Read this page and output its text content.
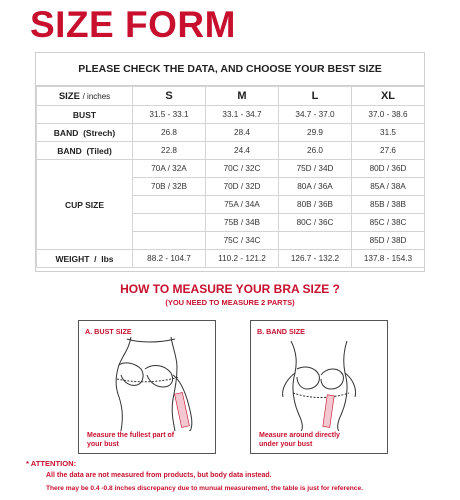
SIZE FORM
PLEASE CHECK THE DATA, AND CHOOSE YOUR BEST SIZE
SIZE / inches	S	M	L	XL
BUST	31.5 - 33.1	33.1 - 34.7	34.7 - 37.0	37.0 - 38.6
BAND  (Strech)	26.8	28.4	29.9	31.5
BAND  (Tiled)	22.8	24.4	26.0	27.6
CUP SIZE	70A / 32A	70C / 32C	75D / 34D	80D / 36D
	70B / 32B	70D / 32D	80A / 36A	85A / 38A
		75A / 34A	80B / 36B	85B / 38B
		75B / 34B	80C / 36C	85C / 38C
		75C / 34C		85D / 38D
WEIGHT  /  lbs	88.2 - 104.7	110.2 - 121.2	126.7 - 132.2	137.8 - 154.3
HOW TO MEASURE YOUR BRA SIZE ?
(YOU NEED TO MEASURE 2 PARTS)
A. BUST SIZE
Measure the fullest part of
your bust
B. BAND SIZE
Measure around directly
under your bust
* ATTENTION:
All the data are not measured from products, but body data instead.
There may be 0.4 -0.8 inches discrepancy due to munual measurement, the table is just for reference.
